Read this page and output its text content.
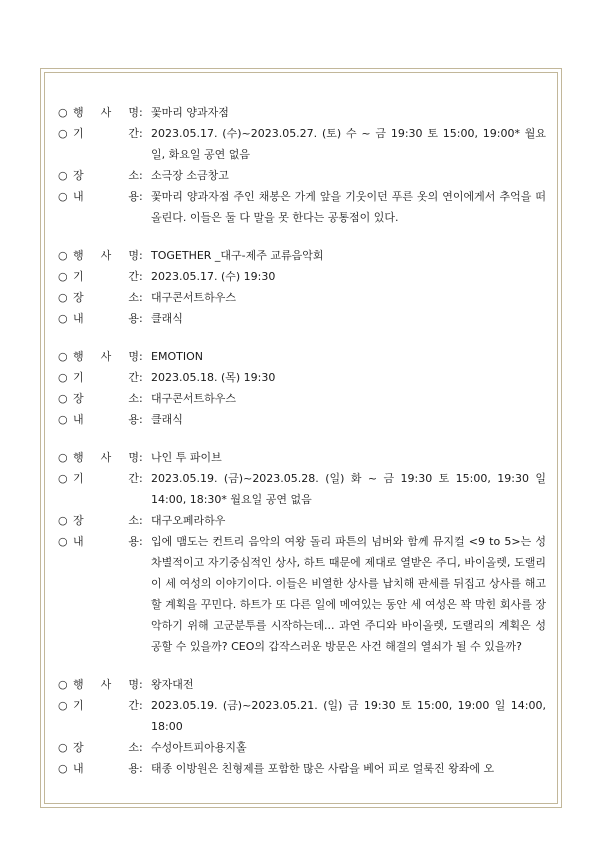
○ 행 사 명 : 꽃마리 양과자점
○ 기	간 : 2023.05.17. (수)~2023.05.27. (토) 수 ~ 금 19:30 토 15:00, 19:00* 월요일, 화요일 공연 없음
○ 장	소 : 소극장 소금창고
○ 내	용 : 꽃마리 양과자점 주인 채봉은 가게 앞을 기웃이던 푸른 옷의 연이에게서 추억을 떠올린다. 이들은 둘 다 말을 못 한다는 공통점이 있다.
○ 행 사 명 : TOGETHER _대구-제주 교류음악회
○ 기	간 : 2023.05.17. (수) 19:30
○ 장	소 : 대구콘서트하우스
○ 내	용 : 클래식
○ 행 사 명 : EMOTION
○ 기	간 : 2023.05.18. (목) 19:30
○ 장	소 : 대구콘서트하우스
○ 내	용 : 클래식
○ 행 사 명 : 나인 투 파이브
○ 기	간 : 2023.05.19. (금)~2023.05.28. (일) 화 ~ 금 19:30 토 15:00, 19:30 일 14:00, 18:30* 월요일 공연 없음
○ 장	소 : 대구오페라하우
○ 내	용 : 입에 맴도는 컨트리 음악의 여왕 돌리 파튼의 넘버와 함께 뮤지컬 <9 to 5>는 성차별적이고 자기중심적인 상사, 하트 때문에 제대로 열받은 주디, 바이올렛, 도랠리 이 세 여성의 이야기이다. 이들은 비열한 상사를 납치해 판세를 뒤집고 상사를 해고할 계획을 꾸민다. 하트가 또 다른 일에 메여있는 동안 세 여성은 꽉 막힌 회사를 장악하기 위해 고군분투를 시작하는데... 과연 주디와 바이올렛, 도랠리의 계획은 성공할 수 있을까? CEO의 갑작스러운 방문은 사건 해결의 열쇠가 될 수 있을까?
○ 행 사 명 : 왕자대전
○ 기	간 : 2023.05.19. (금)~2023.05.21. (일) 금 19:30 토 15:00, 19:00 일 14:00, 18:00
○ 장	소 : 수성아트피아용지홀
○ 내	용 : 태종 이방원은 친형제를 포함한 많은 사람을 베어 피로 얼룩진 왕좌에 오
